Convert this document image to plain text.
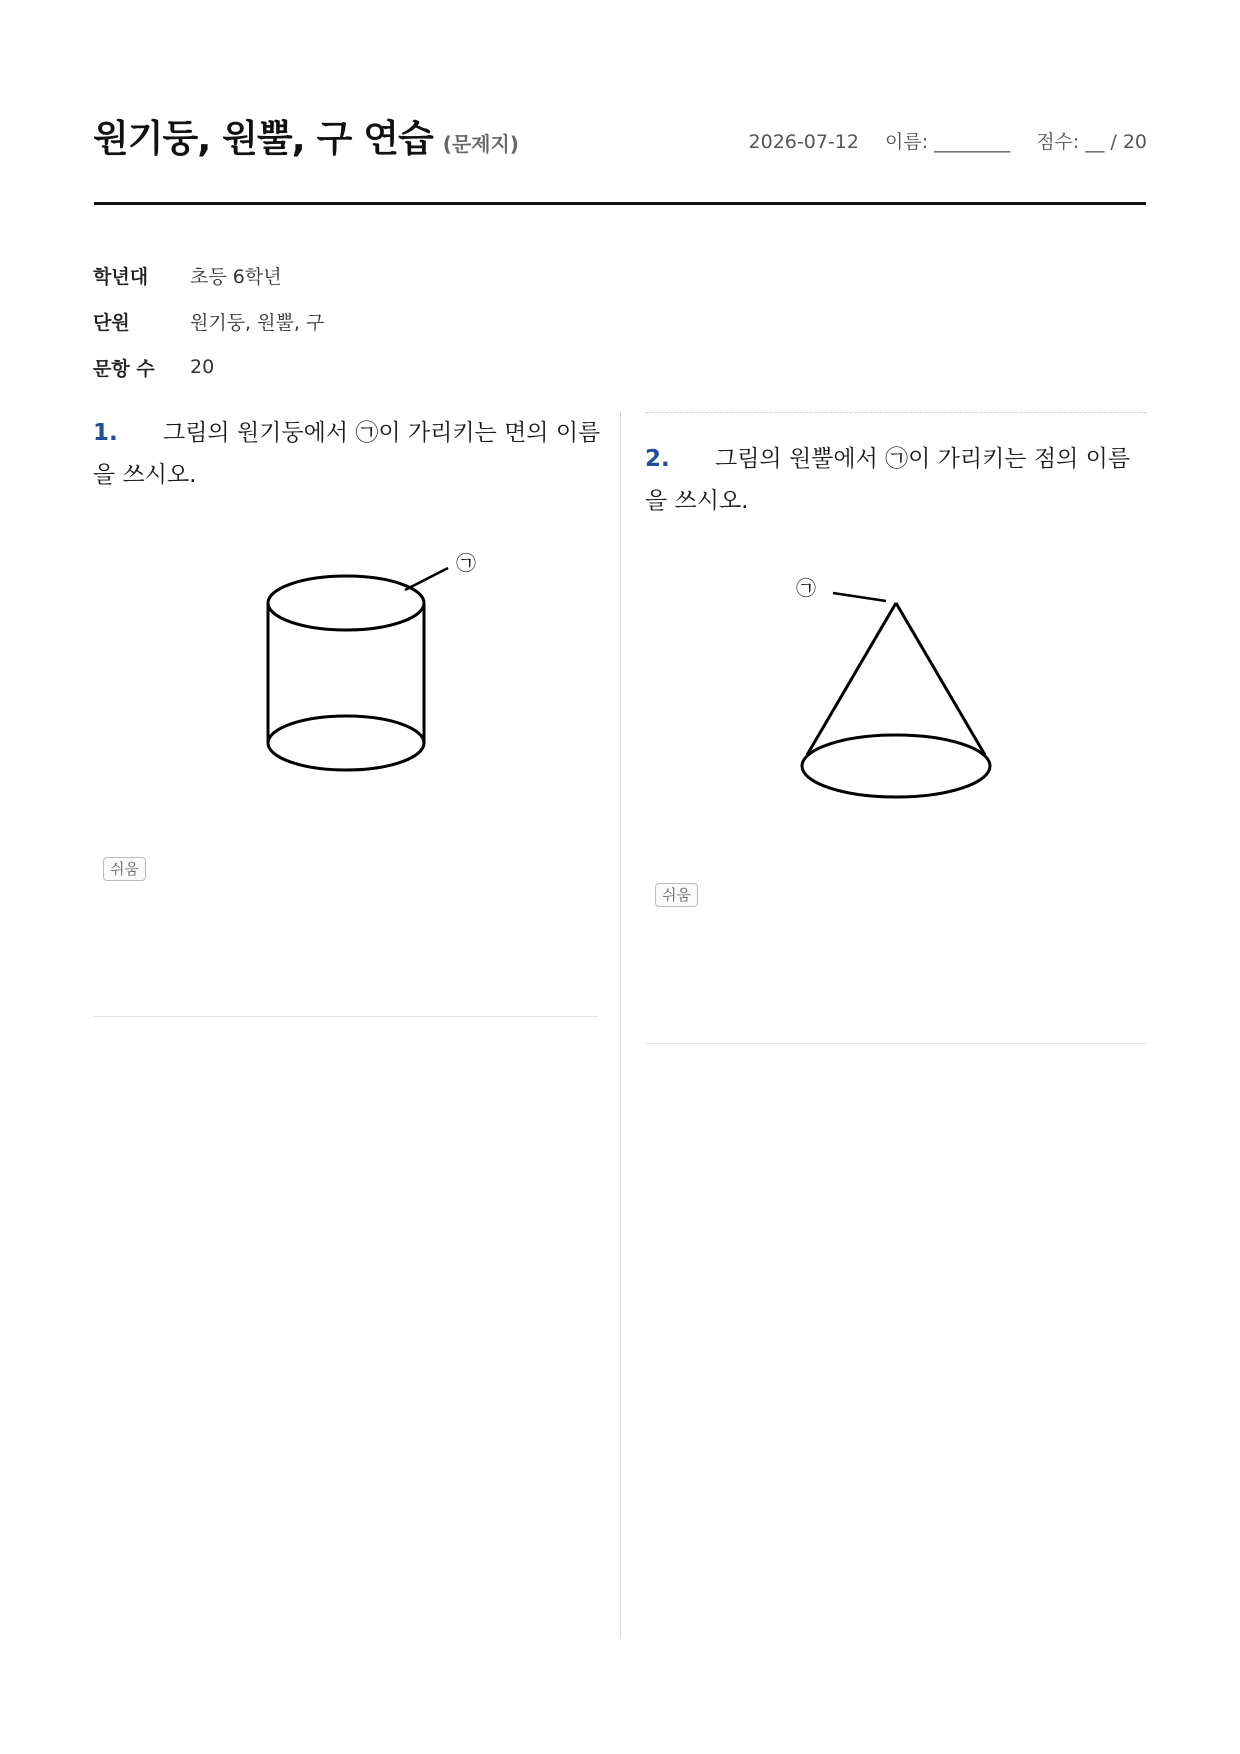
원기둥, 원뿔, 구 연습 (문제지)	2026-07-12 이름: ________ 점수: __ / 20
학년대	초등 6학년
단원	원기둥, 원뿔, 구
문항 수	20
1. 그림의 원기둥에서 ㉠이 가리키는 면의 이름을 쓰시오.
㉠
쉬움
2. 그림의 원뿔에서 ㉠이 가리키는 점의 이름을 쓰시오.
㉠
쉬움
